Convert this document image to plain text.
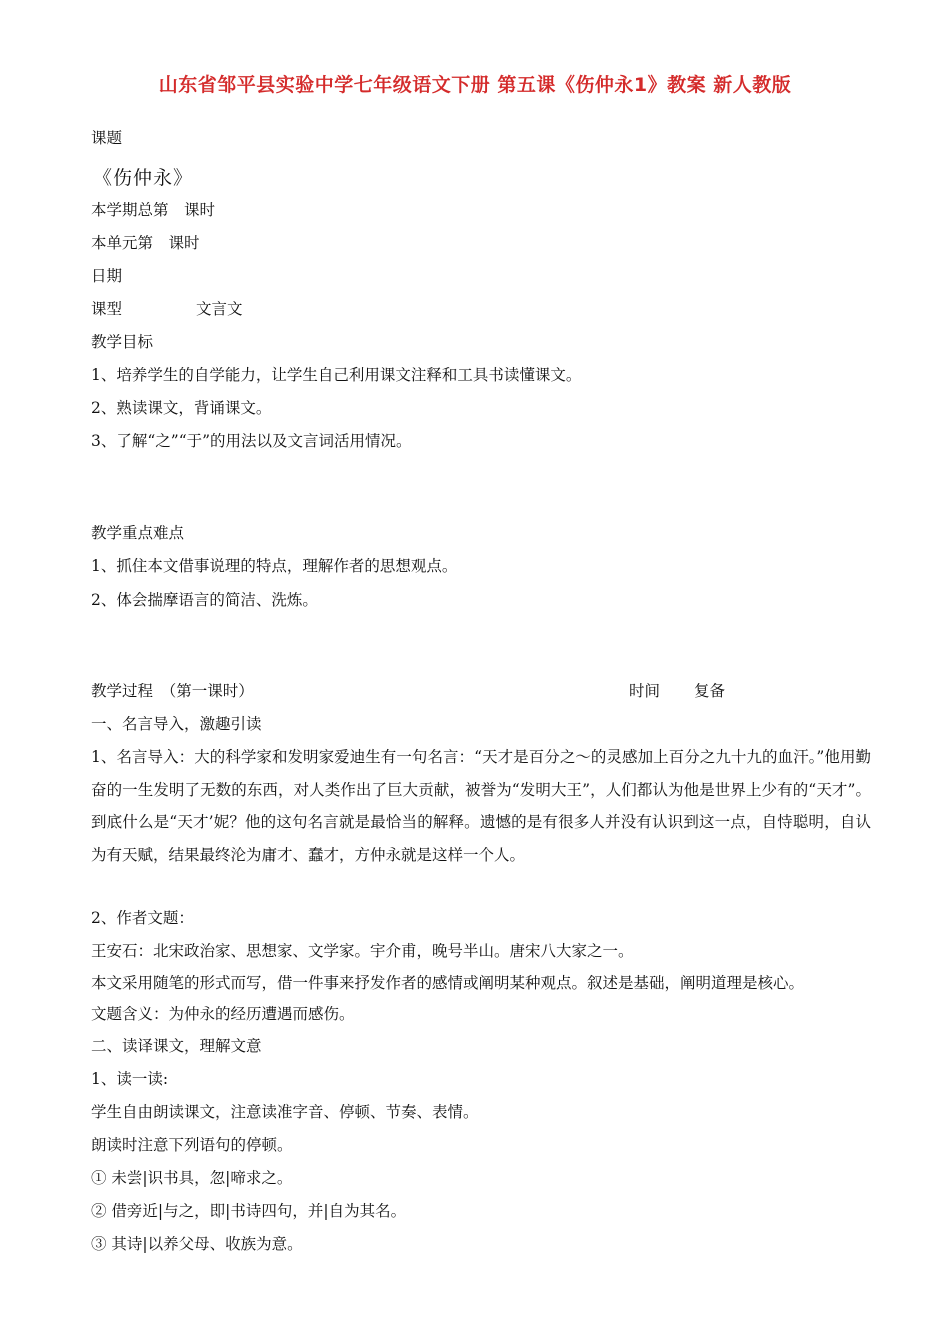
山东省邹平县实验中学七年级语文下册 第五课《伤仲永1》教案 新人教版
课题
《伤仲永》
本学期总第　课时
本单元第　课时
日期
课型	文言文
教学目标
1、培养学生的自学能力，让学生自己利用课文注释和工具书读懂课文。
2、熟读课文，背诵课文。
3、了解“之”“于”的用法以及文言词活用情况。
教学重点难点
1、抓住本文借事说理的特点，理解作者的思想观点。
2、体会揣摩语言的简洁、洗炼。
教学过程　（第一课时）	时间 复备
一、名言导入，激趣引读
1、名言导入：大的科学家和发明家爱迪生有一句名言：“天才是百分之～的灵感加上百分之九十九的血汗。”他用勤奋的一生发明了无数的东西，对人类作出了巨大贡献，被誉为“发明大王”，人们都认为他是世界上少有的“天才”。到底什么是“天才’妮？他的这句名言就是最恰当的解释。遗憾的是有很多人并没有认识到这一点，自恃聪明，自认为有天赋，结果最终沦为庸才、蠢才，方仲永就是这样一个人。
2、作者文题：
王安石：北宋政治家、思想家、文学家。宇介甫，晚号半山。唐宋八大家之一。
本文采用随笔的形式而写，借一件事来抒发作者的感情或阐明某种观点。叙述是基础，阐明道理是核心。
文题含义：为仲永的经历遭遇而感伤。
二、读译课文，理解文意
1、读一读:
学生自由朗读课文，注意读准字音、停顿、节奏、表情。
朗读时注意下列语句的停顿。
① 未尝|识书具，忽|啼求之。
② 借旁近|与之，即|书诗四句，并|自为其名。
③ 其诗|以养父母、收族为意。
